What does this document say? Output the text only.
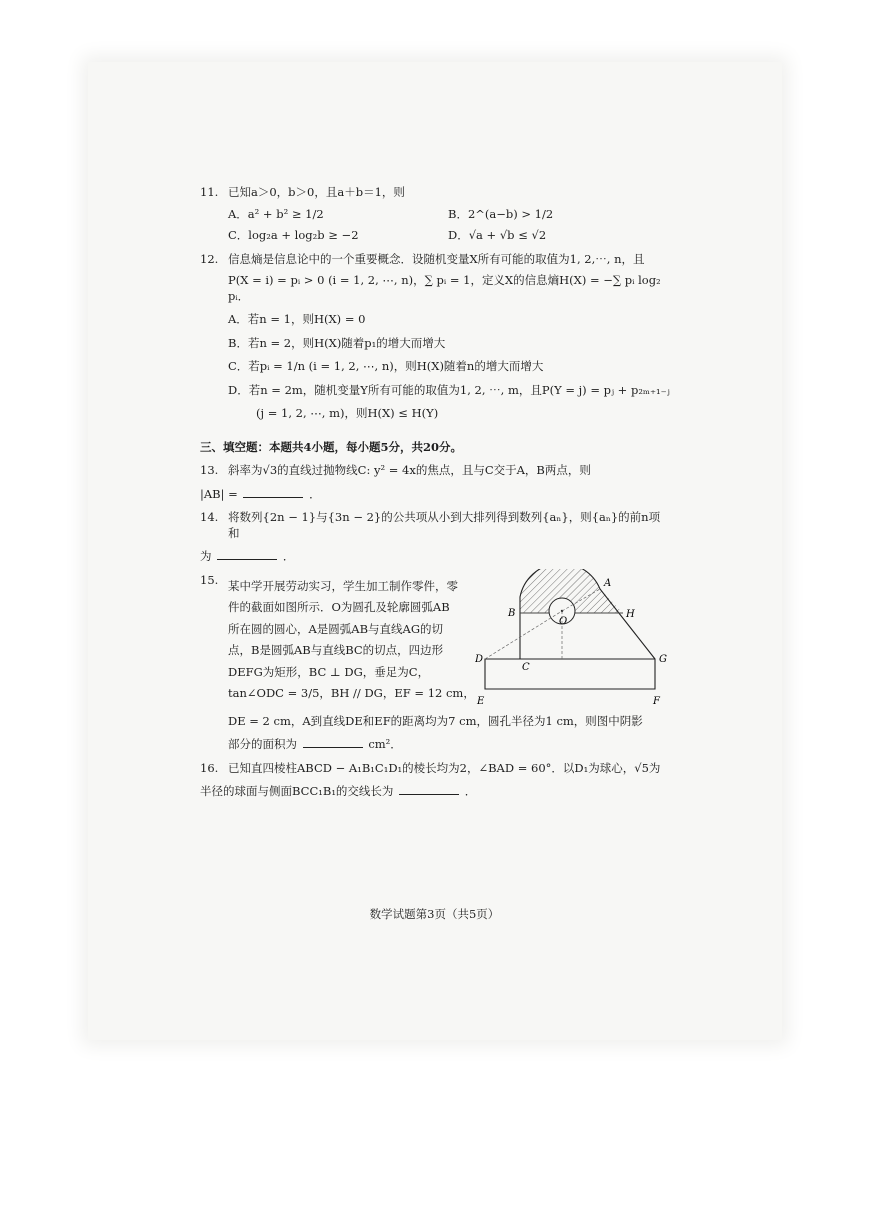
11. 已知a＞0，b＞0，且a＋b＝1，则
A．a² + b² ≥ 1/2	B．2^(a−b) > 1/2
C．log₂a + log₂b ≥ −2	D．√a + √b ≤ √2
12. 信息熵是信息论中的一个重要概念．设随机变量X所有可能的取值为1, 2,⋯, n，且
P(X = i) = pᵢ > 0 (i = 1, 2, ⋯, n)，∑ pᵢ = 1，定义X的信息熵H(X) = −∑ pᵢ log₂ pᵢ．
A．若n = 1，则H(X) = 0
B．若n = 2，则H(X)随着p₁的增大而增大
C．若pᵢ = 1/n (i = 1, 2, ⋯, n)，则H(X)随着n的增大而增大
D．若n = 2m，随机变量Y所有可能的取值为1, 2, ⋯, m，且P(Y = j) = pⱼ + p₂ₘ₊₁₋ⱼ
(j = 1, 2, ⋯, m)，则H(X) ≤ H(Y)
三、填空题：本题共4小题，每小题5分，共20分。
13. 斜率为√3的直线过抛物线C: y² = 4x的焦点，且与C交于A，B两点，则
|AB| =	．
14. 将数列{2n − 1}与{3n − 2}的公共项从小到大排列得到数列{aₙ}，则{aₙ}的前n项和
为	．
15. 某中学开展劳动实习，学生加工制作零件，零
件的截面如图所示．O为圆孔及轮廓圆弧AB
所在圆的圆心，A是圆弧AB与直线AG的切
点，B是圆弧AB与直线BC的切点，四边形
DEFG为矩形，BC ⊥ DG，垂足为C，
tan∠ODC = 3/5，BH // DG，EF = 12 cm，
A
B	H
O
D
C
G
E	F
DE = 2 cm，A到直线DE和EF的距离均为7 cm，圆孔半径为1 cm，则图中阴影
部分的面积为	cm²．
16. 已知直四棱柱ABCD − A₁B₁C₁D₁的棱长均为2，∠BAD = 60°．以D₁为球心，√5为
半径的球面与侧面BCC₁B₁的交线长为	．
数学试题第3页（共5页）
